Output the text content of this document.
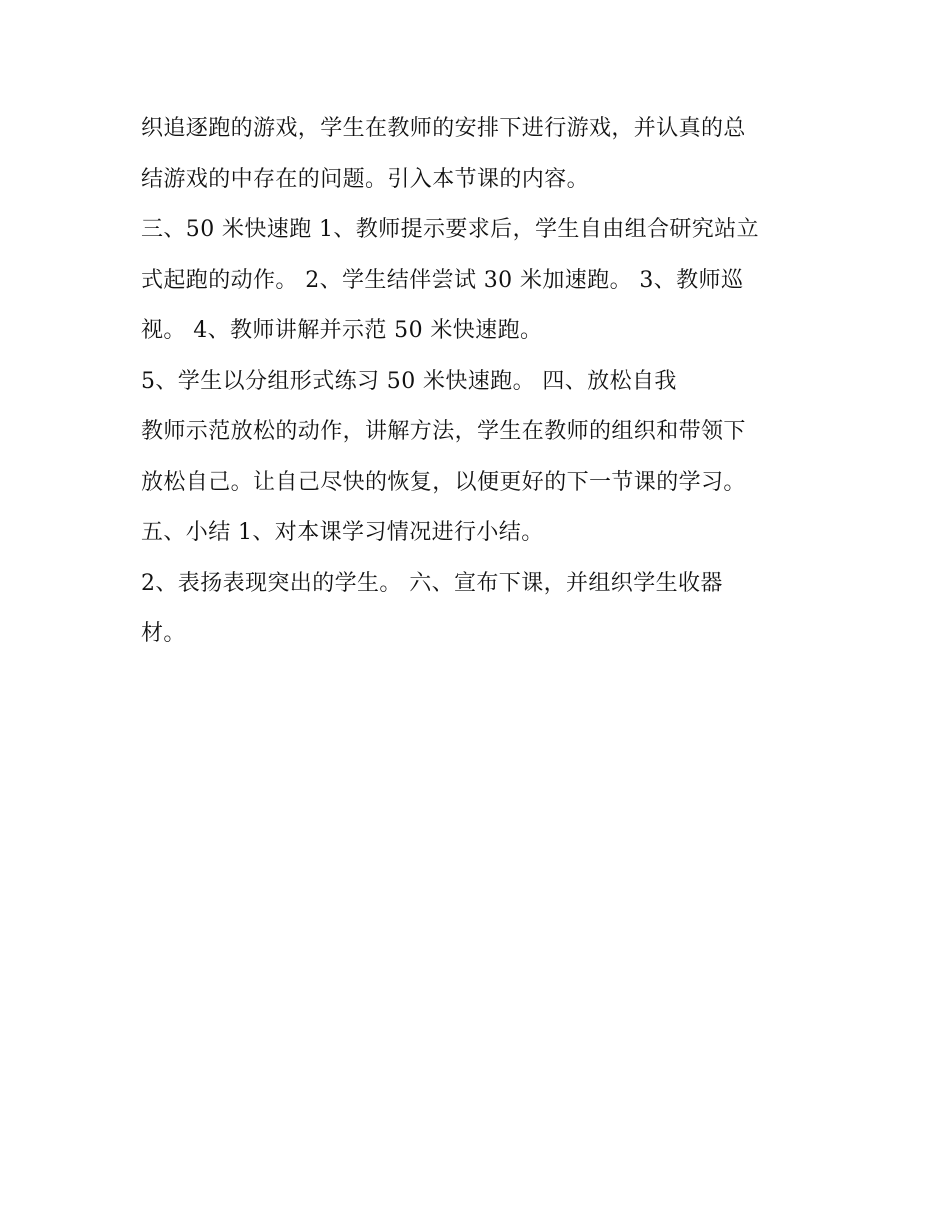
织追逐跑的游戏，学生在教师的安排下进行游戏，并认真的总
结游戏的中存在的问题。引入本节课的内容。
三、50 米快速跑 1、教师提示要求后，学生自由组合研究站立
式起跑的动作。 2、学生结伴尝试 30 米加速跑。 3、教师巡
视。 4、教师讲解并示范 50 米快速跑。
5、学生以分组形式练习 50 米快速跑。 四、放松自我
教师示范放松的动作，讲解方法，学生在教师的组织和带领下
放松自己。让自己尽快的恢复，以便更好的下一节课的学习。
五、小结 1、对本课学习情况进行小结。
2、表扬表现突出的学生。 六、宣布下课，并组织学生收器
材。
